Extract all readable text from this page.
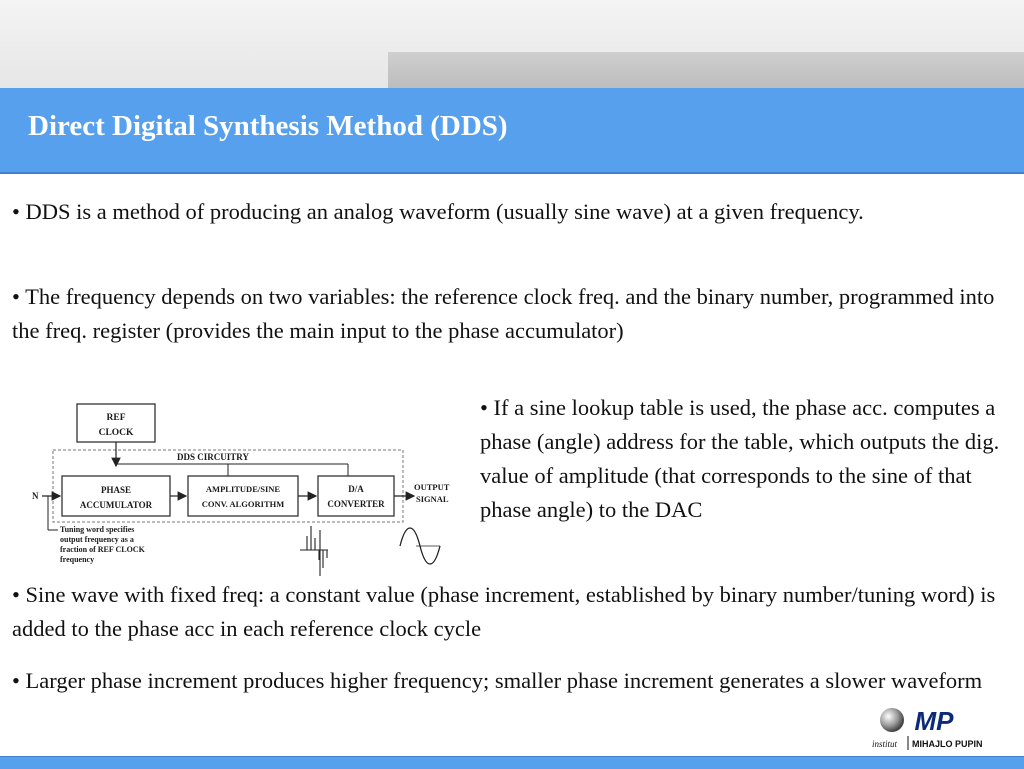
Direct Digital Synthesis Method (DDS)

• DDS is a method of producing an analog waveform (usually sine wave) at a given frequency.

• The frequency depends on two variables: the reference clock freq. and the binary number, programmed into the freq. register (provides the main input to the phase accumulator)

• If a sine lookup table is used, the phase acc. computes a phase (angle) address for the table, which outputs the dig. value of amplitude (that corresponds to the sine of that phase angle) to the DAC

• Sine wave with fixed freq: a constant value (phase increment, established by binary number/tuning word) is added to the phase acc in each reference clock cycle

• Larger phase increment produces higher frequency; smaller phase increment generates a slower waveform

REF
CLOCK
DDS CIRCUITRY
PHASE
ACCUMULATOR
AMPLITUDE/SINE
CONV. ALGORITHM
D/A
CONVERTER
N
OUTPUT
SIGNAL
Tuning word specifies
output frequency as a
fraction of REF CLOCK
frequency
MP
institut MIHAJLO PUPIN
